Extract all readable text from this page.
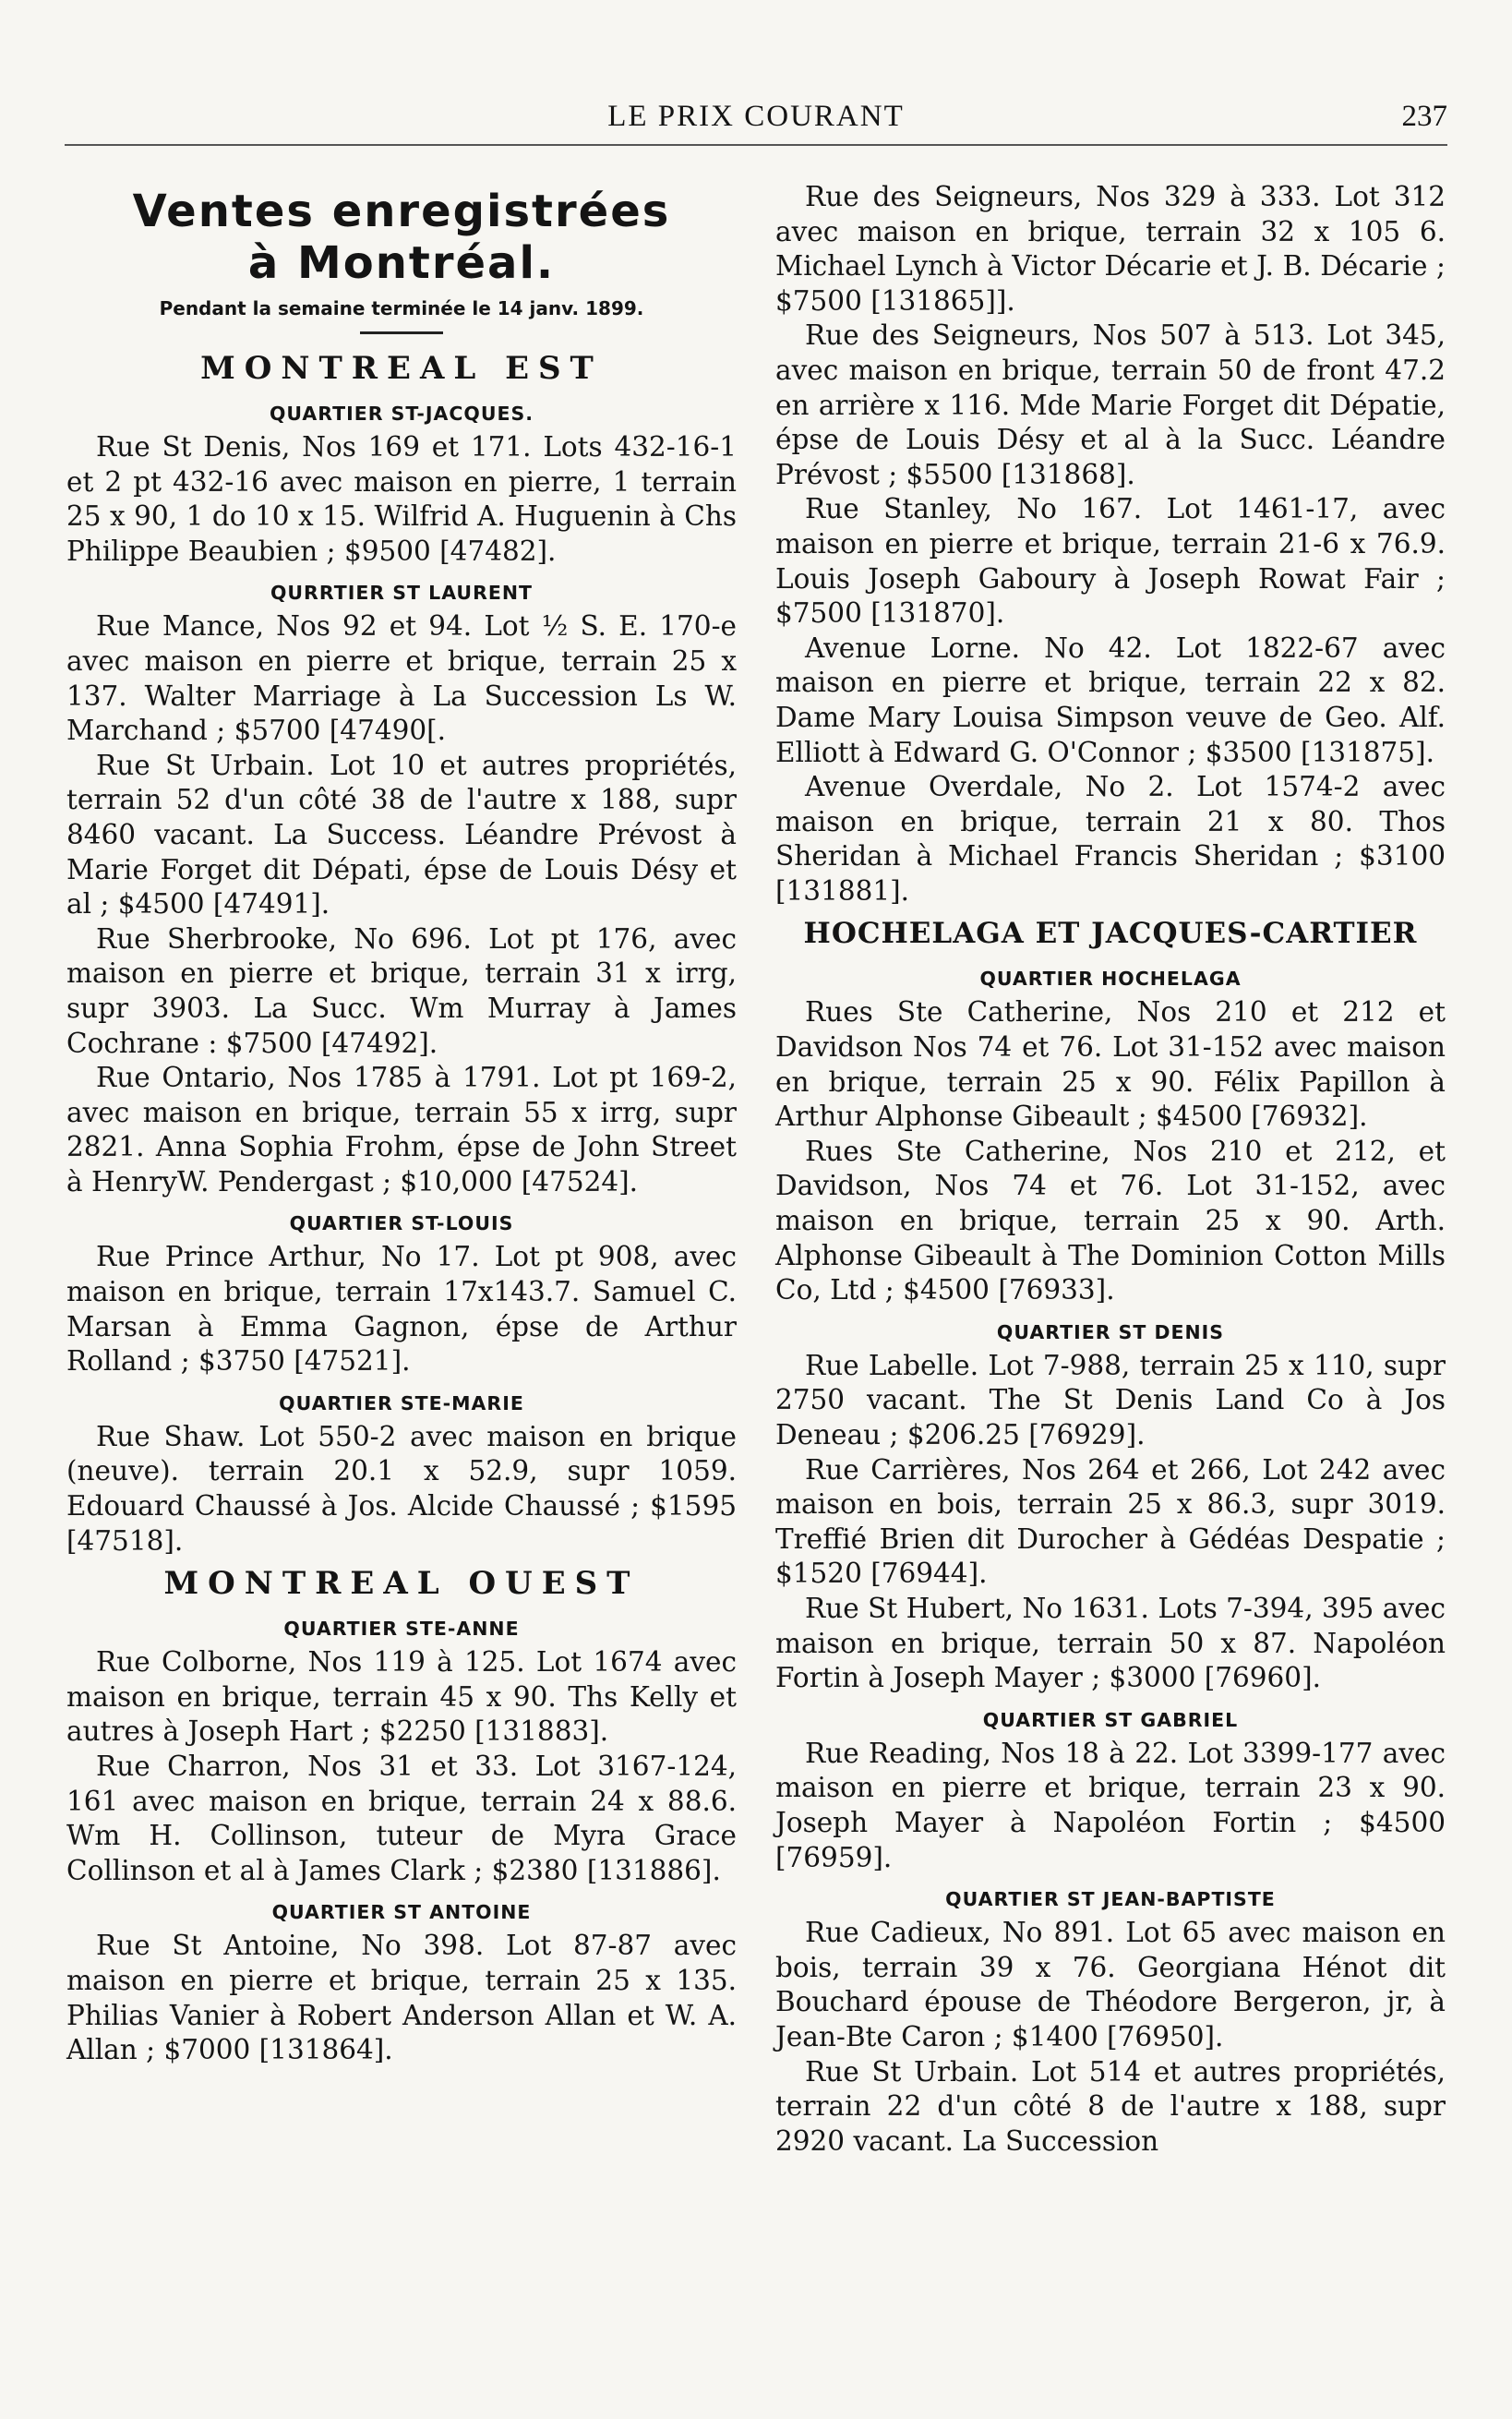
LE PRIX COURANT	237
Ventes enregistrées
à Montréal.
Pendant la semaine terminée le 14 janv. 1899.
MONTREAL EST
QUARTIER ST-JACQUES.

Rue St Denis, Nos 169 et 171. Lots 432-16-1 et 2 pt 432-16 avec maison en pierre, 1 terrain 25 x 90, 1 do 10 x 15. Wilfrid A. Huguenin à Chs Philippe Beaubien ; $9500 [47482].

QURRTIER ST LAURENT

Rue Mance, Nos 92 et 94. Lot ½ S. E. 170-e avec maison en pierre et brique, terrain 25 x 137. Walter Marriage à La Succession Ls W. Marchand ; $5700 [47490[.

Rue St Urbain. Lot 10 et autres propriétés, terrain 52 d'un côté 38 de l'autre x 188, supr 8460 vacant. La Success. Léandre Prévost à Marie Forget dit Dépati, épse de Louis Désy et al ; $4500 [47491].

Rue Sherbrooke, No 696. Lot pt 176, avec maison en pierre et brique, terrain 31 x irrg, supr 3903. La Succ. Wm Murray à James Cochrane : $7500 [47492].

Rue Ontario, Nos 1785 à 1791. Lot pt 169-2, avec maison en brique, terrain 55 x irrg, supr 2821. Anna Sophia Frohm, épse de John Street à HenryW. Pendergast ; $10,000 [47524].

QUARTIER ST-LOUIS

Rue Prince Arthur, No 17. Lot pt 908, avec maison en brique, terrain 17x143.7. Samuel C. Marsan à Emma Gagnon, épse de Arthur Rolland ; $3750 [47521].

QUARTIER STE-MARIE

Rue Shaw. Lot 550-2 avec maison en brique (neuve). terrain 20.1 x 52.9, supr 1059. Edouard Chaussé à Jos. Alcide Chaussé ; $1595 [47518].

MONTREAL OUEST
QUARTIER STE-ANNE

Rue Colborne, Nos 119 à 125. Lot 1674 avec maison en brique, terrain 45 x 90. Ths Kelly et autres à Joseph Hart ; $2250 [131883].

Rue Charron, Nos 31 et 33. Lot 3167-124, 161 avec maison en brique, terrain 24 x 88.6. Wm H. Collinson, tuteur de Myra Grace Collinson et al à James Clark ; $2380 [131886].

QUARTIER ST ANTOINE

Rue St Antoine, No 398. Lot 87-87 avec maison en pierre et brique, terrain 25 x 135. Philias Vanier à Robert Anderson Allan et W. A. Allan ; $7000 [131864].

Rue des Seigneurs, Nos 329 à 333. Lot 312 avec maison en brique, terrain 32 x 105 6. Michael Lynch à Victor Décarie et J. B. Décarie ; $7500 [131865]].

Rue des Seigneurs, Nos 507 à 513. Lot 345, avec maison en brique, terrain 50 de front 47.2 en arrière x 116. Mde Marie Forget dit Dépatie, épse de Louis Désy et al à la Succ. Léandre Prévost ; $5500 [131868].

Rue Stanley, No 167. Lot 1461-17, avec maison en pierre et brique, terrain 21-6 x 76.9. Louis Joseph Gaboury à Joseph Rowat Fair ; $7500 [131870].

Avenue Lorne. No 42. Lot 1822-67 avec maison en pierre et brique, terrain 22 x 82. Dame Mary Louisa Simpson veuve de Geo. Alf. Elliott à Edward G. O'Connor ; $3500 [131875].

Avenue Overdale, No 2. Lot 1574-2 avec maison en brique, terrain 21 x 80. Thos Sheridan à Michael Francis Sheridan ; $3100 [131881].

HOCHELAGA ET JACQUES-CARTIER
QUARTIER HOCHELAGA

Rues Ste Catherine, Nos 210 et 212 et Davidson Nos 74 et 76. Lot 31-152 avec maison en brique, terrain 25 x 90. Félix Papillon à Arthur Alphonse Gibeault ; $4500 [76932].

Rues Ste Catherine, Nos 210 et 212, et Davidson, Nos 74 et 76. Lot 31-152, avec maison en brique, terrain 25 x 90. Arth. Alphonse Gibeault à The Dominion Cotton Mills Co, Ltd ; $4500 [76933].

QUARTIER ST DENIS

Rue Labelle. Lot 7-988, terrain 25 x 110, supr 2750 vacant. The St Denis Land Co à Jos Deneau ; $206.25 [76929].

Rue Carrières, Nos 264 et 266, Lot 242 avec maison en bois, terrain 25 x 86.3, supr 3019. Treffié Brien dit Durocher à Gédéas Despatie ; $1520 [76944].

Rue St Hubert, No 1631. Lots 7-394, 395 avec maison en brique, terrain 50 x 87. Napoléon Fortin à Joseph Mayer ; $3000 [76960].

QUARTIER ST GABRIEL

Rue Reading, Nos 18 à 22. Lot 3399-177 avec maison en pierre et brique, terrain 23 x 90. Joseph Mayer à Napoléon Fortin ; $4500 [76959].

QUARTIER ST JEAN-BAPTISTE

Rue Cadieux, No 891. Lot 65 avec maison en bois, terrain 39 x 76. Georgiana Hénot dit Bouchard épouse de Théodore Bergeron, jr, à Jean-Bte Caron ; $1400 [76950].

Rue St Urbain. Lot 514 et autres propriétés, terrain 22 d'un côté 8 de l'autre x 188, supr 2920 vacant. La Succession
